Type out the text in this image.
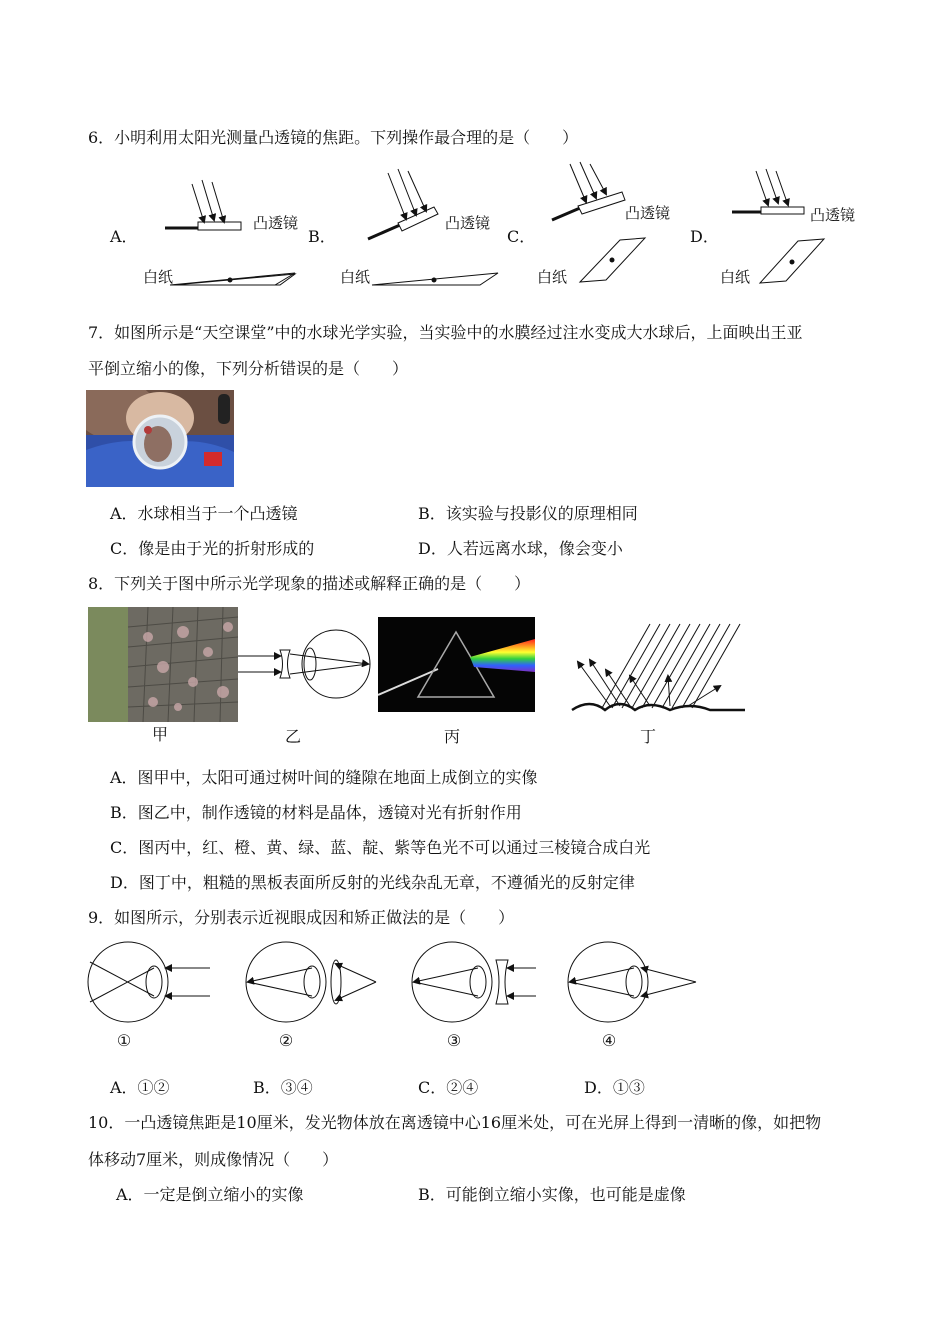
6．小明利用太阳光测量凸透镜的焦距。下列操作最合理的是（　　）
A．	B．	C．	D．
凸透镜
白纸
凸透镜
白纸
凸透镜
白纸
凸透镜
白纸
7．如图所示是“天空课堂”中的水球光学实验，当实验中的水膜经过注水变成大水球后，上面映出王亚
平倒立缩小的像，下列分析错误的是（　　）
A．水球相当于一个凸透镜	B．该实验与投影仪的原理相同
C．像是由于光的折射形成的	D．人若远离水球，像会变小
8．下列关于图中所示光学现象的描述或解释正确的是（　　）
甲	乙	丙	丁
A．图甲中，太阳可通过树叶间的缝隙在地面上成倒立的实像
B．图乙中，制作透镜的材料是晶体，透镜对光有折射作用
C．图丙中，红、橙、黄、绿、蓝、靛、紫等色光不可以通过三棱镜合成白光
D．图丁中，粗糙的黑板表面所反射的光线杂乱无章，不遵循光的反射定律
9．如图所示，分别表示近视眼成因和矫正做法的是（　　）
①	②	③	④
A．①②	B．③④	C．②④	D．①③
10．一凸透镜焦距是10厘米，发光物体放在离透镜中心16厘米处，可在光屏上得到一清晰的像，如把物
体移动7厘米，则成像情况（　　）
A．一定是倒立缩小的实像	B．可能倒立缩小实像，也可能是虚像
